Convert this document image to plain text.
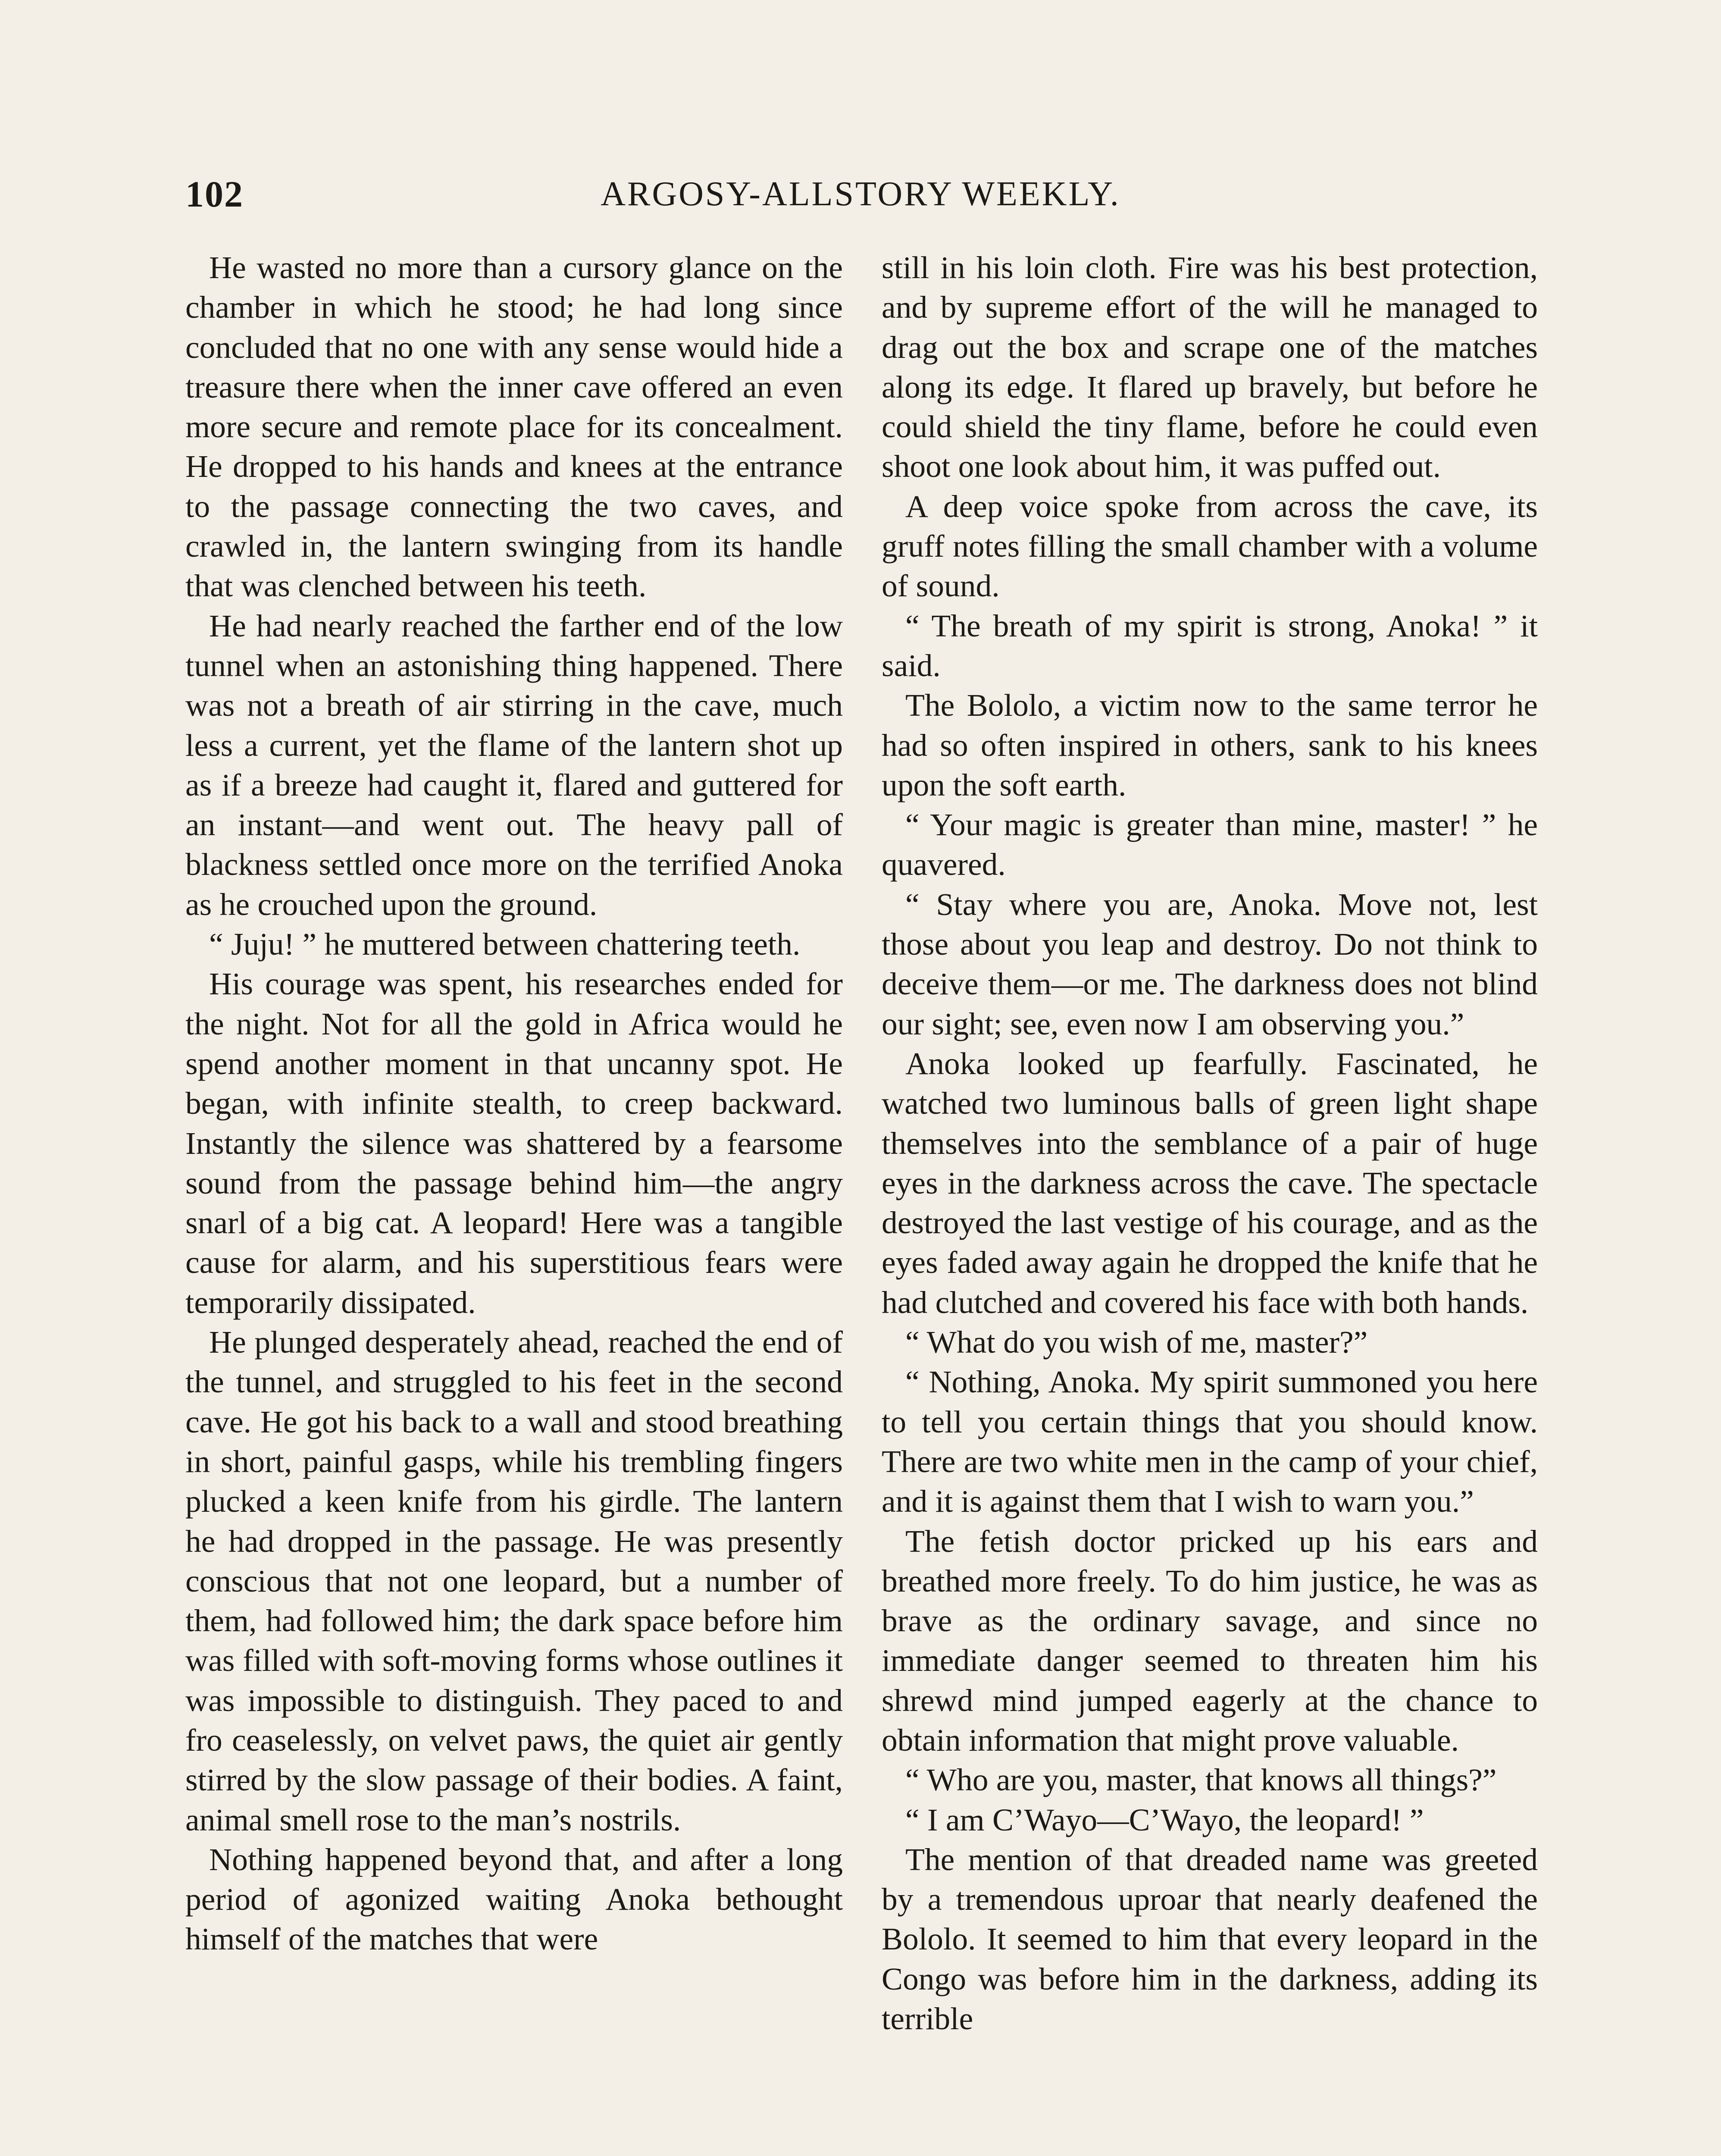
102	ARGOSY-ALLSTORY WEEKLY.

He wasted no more than a cursory glance on the chamber in which he stood; he had long since concluded that no one with any sense would hide a treasure there when the inner cave offered an even more secure and remote place for its concealment. He dropped to his hands and knees at the entrance to the passage connecting the two caves, and crawled in, the lantern swinging from its handle that was clenched between his teeth.

He had nearly reached the farther end of the low tunnel when an astonishing thing happened. There was not a breath of air stirring in the cave, much less a current, yet the flame of the lantern shot up as if a breeze had caught it, flared and guttered for an instant—and went out. The heavy pall of blackness settled once more on the terrified Anoka as he crouched upon the ground.

“ Juju! ” he muttered between chattering teeth.

His courage was spent, his researches ended for the night. Not for all the gold in Africa would he spend another moment in that uncanny spot. He began, with infinite stealth, to creep backward. Instantly the silence was shattered by a fearsome sound from the passage behind him—the angry snarl of a big cat. A leopard! Here was a tangible cause for alarm, and his superstitious fears were temporarily dissipated.

He plunged desperately ahead, reached the end of the tunnel, and struggled to his feet in the second cave. He got his back to a wall and stood breathing in short, painful gasps, while his trembling fingers plucked a keen knife from his girdle. The lantern he had dropped in the passage. He was presently conscious that not one leopard, but a number of them, had followed him; the dark space before him was filled with soft-moving forms whose outlines it was impossible to distinguish. They paced to and fro ceaselessly, on velvet paws, the quiet air gently stirred by the slow passage of their bodies. A faint, animal smell rose to the man’s nostrils.

Nothing happened beyond that, and after a long period of agonized waiting Anoka bethought himself of the matches that were

still in his loin cloth. Fire was his best protection, and by supreme effort of the will he managed to drag out the box and scrape one of the matches along its edge. It flared up bravely, but before he could shield the tiny flame, before he could even shoot one look about him, it was puffed out.

A deep voice spoke from across the cave, its gruff notes filling the small chamber with a volume of sound.

“ The breath of my spirit is strong, Anoka! ” it said.

The Bololo, a victim now to the same terror he had so often inspired in others, sank to his knees upon the soft earth.

“ Your magic is greater than mine, master! ” he quavered.

“ Stay where you are, Anoka. Move not, lest those about you leap and destroy. Do not think to deceive them—or me. The darkness does not blind our sight; see, even now I am observing you.”

Anoka looked up fearfully. Fascinated, he watched two luminous balls of green light shape themselves into the semblance of a pair of huge eyes in the darkness across the cave. The spectacle destroyed the last vestige of his courage, and as the eyes faded away again he dropped the knife that he had clutched and covered his face with both hands.

“ What do you wish of me, master?”

“ Nothing, Anoka. My spirit summoned you here to tell you certain things that you should know. There are two white men in the camp of your chief, and it is against them that I wish to warn you.”

The fetish doctor pricked up his ears and breathed more freely. To do him justice, he was as brave as the ordinary savage, and since no immediate danger seemed to threaten him his shrewd mind jumped eagerly at the chance to obtain information that might prove valuable.

“ Who are you, master, that knows all things?”

“ I am C’Wayo—C’Wayo, the leopard! ”

The mention of that dreaded name was greeted by a tremendous uproar that nearly deafened the Bololo. It seemed to him that every leopard in the Congo was before him in the darkness, adding its terrible
